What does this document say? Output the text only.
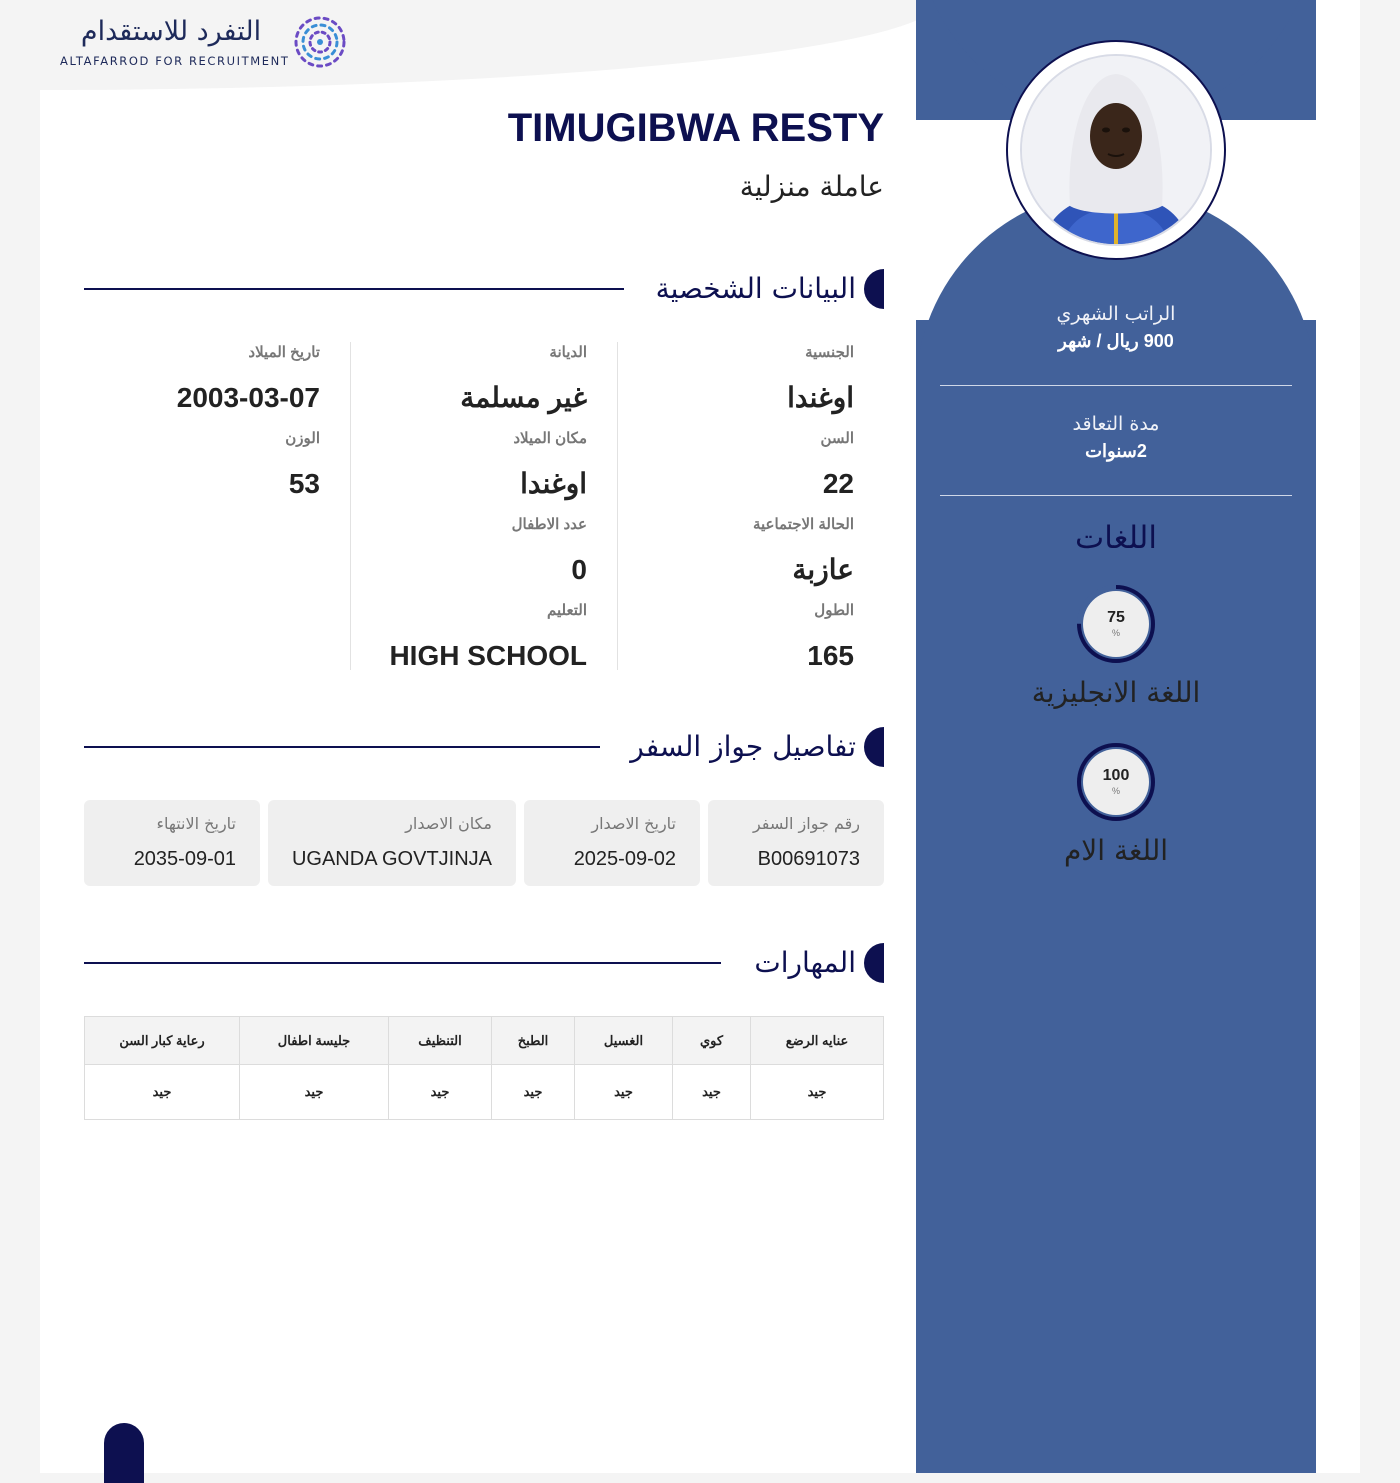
التفرد للاستقدام
ALTAFARROD FOR RECRUITMENT
الراتب الشهري
900 ريال / شهر
مدة التعاقد
2سنوات
اللغات
75
%
اللغة الانجليزية
100
%
اللغة الام
TIMUGIBWA RESTY
عاملة منزلية
البيانات الشخصية
الجنسية
اوغندا
السن
22
الحالة الاجتماعية
عازبة
الطول
165
الديانة
غير مسلمة
مكان الميلاد
اوغندا
عدد الاطفال
0
التعليم
HIGH SCHOOL
تاريخ الميلاد
2003-03-07
الوزن
53
تفاصيل جواز السفر
رقم جواز السفر
B00691073
تاريخ الاصدار
2025-09-02
مكان الاصدار
UGANDA GOVTJINJA
تاريخ الانتهاء
2035-09-01
المهارات
عنايه الرضع	كوي	الغسيل	الطبخ	التنظيف	جليسة اطفال	رعاية كبار السن
جيد	جيد	جيد	جيد	جيد	جيد	جيد
